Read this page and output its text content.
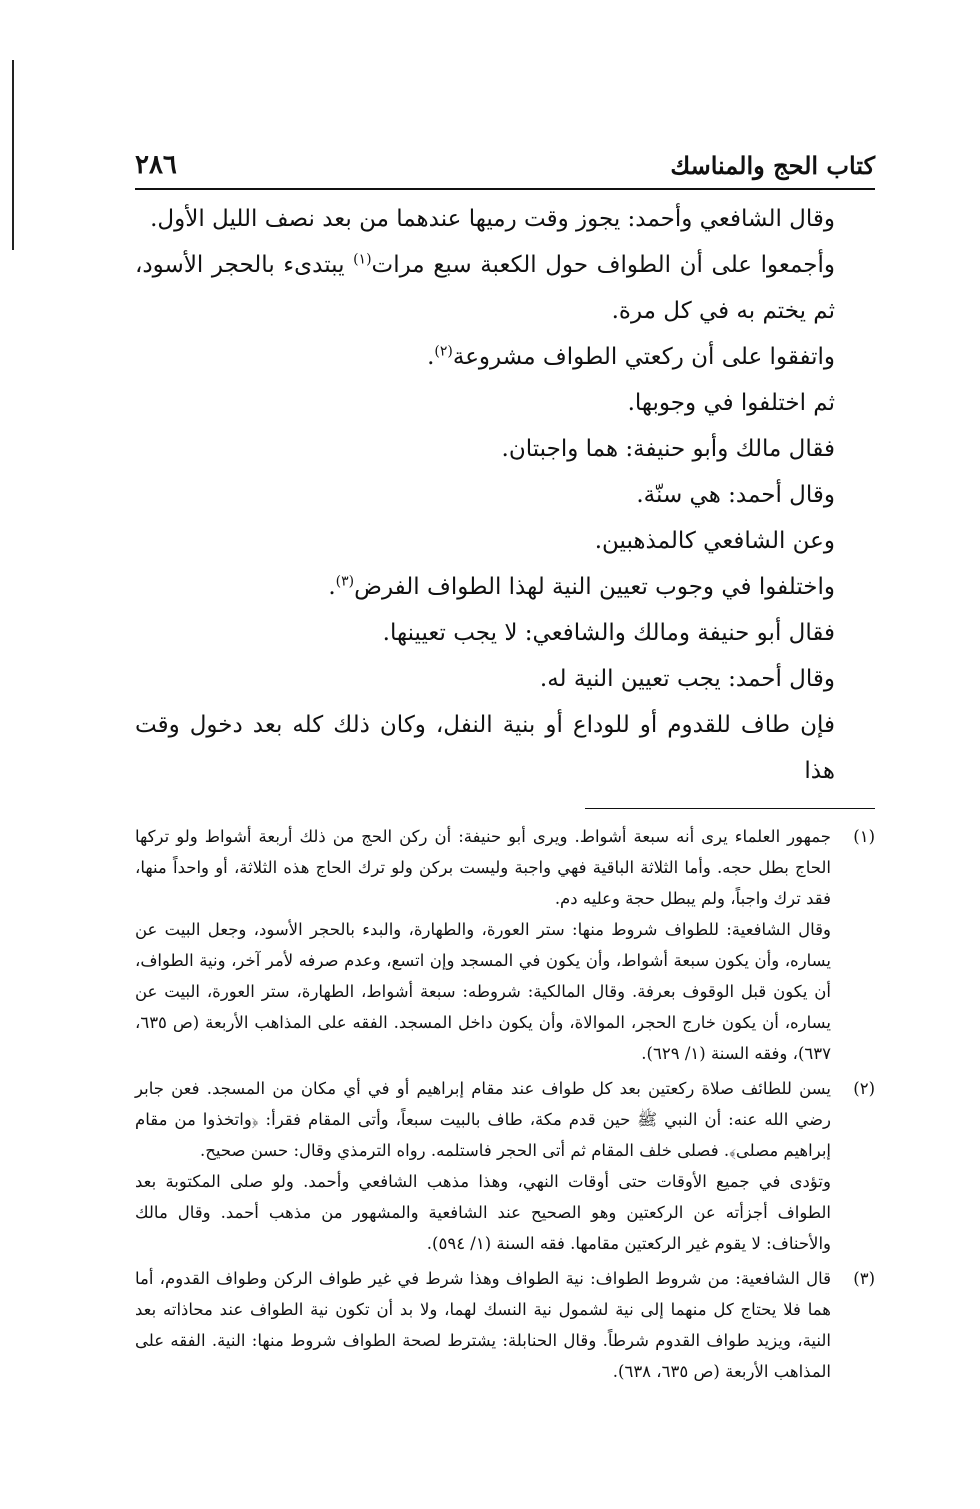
كتاب الحج والمناسك
٢٨٦

وقال الشافعي وأحمد: يجوز وقت رميها عندهما من بعد نصف الليل الأول.

وأجمعوا على أن الطواف حول الكعبة سبع مرات$^{(١)}$ يبتدىء بالحجر الأسود، ثم يختم به في كل مرة.

واتفقوا على أن ركعتي الطواف مشروعة$^{(٢)}$.

ثم اختلفوا في وجوبها.

فقال مالك وأبو حنيفة: هما واجبتان.

وقال أحمد: هي سنّة.

وعن الشافعي كالمذهبين.

واختلفوا في وجوب تعيين النية لهذا الطواف الفرض$^{(٣)}$.

فقال أبو حنيفة ومالك والشافعي: لا يجب تعيينها.

وقال أحمد: يجب تعيين النية له.

فإن طاف للقدوم أو للوداع أو بنية النفل، وكان ذلك كله بعد دخول وقت هذا

(١)

جمهور العلماء يرى أنه سبعة أشواط. ويرى أبو حنيفة: أن ركن الحج من ذلك أربعة أشواط ولو تركها الحاج بطل حجه. وأما الثلاثة الباقية فهي واجبة وليست بركن ولو ترك الحاج هذه الثلاثة، أو واحداً منها، فقد ترك واجباً، ولم يبطل حجة وعليه دم.

وقال الشافعية: للطواف شروط منها: ستر العورة، والطهارة، والبدء بالحجر الأسود، وجعل البيت عن يساره، وأن يكون سبعة أشواط، وأن يكون في المسجد وإن اتسع، وعدم صرفه لأمر آخر، ونية الطواف، أن يكون قبل الوقوف بعرفة. وقال المالكية: شروطه: سبعة أشواط، الطهارة، ستر العورة، البيت عن يساره، أن يكون خارج الحجر، الموالاة، وأن يكون داخل المسجد. الفقه على المذاهب الأربعة (ص ٦٣٥، ٦٣٧)، وفقه السنة (١/ ٦٢٩).

(٢)

يسن للطائف صلاة ركعتين بعد كل طواف عند مقام إبراهيم أو في أي مكان من المسجد. فعن جابر رضي الله عنه: أن النبي ﷺ حين قدم مكة، طاف بالبيت سبعاً، وأتى المقام فقرأ: ﴿واتخذوا من مقام إبراهيم مصلى﴾. فصلى خلف المقام ثم أتى الحجر فاستلمه. رواه الترمذي وقال: حسن صحيح.

وتؤدى في جميع الأوقات حتى أوقات النهي، وهذا مذهب الشافعي وأحمد. ولو صلى المكتوبة بعد الطواف أجزأته عن الركعتين وهو الصحيح عند الشافعية والمشهور من مذهب أحمد. وقال مالك والأحناف: لا يقوم غير الركعتين مقامها. فقه السنة (١/ ٥٩٤).

(٣)

قال الشافعية: من شروط الطواف: نية الطواف وهذا شرط في غير طواف الركن وطواف القدوم، أما هما فلا يحتاج كل منهما إلى نية لشمول نية النسك لهما، ولا بد أن تكون نية الطواف عند محاذاته بعد النية، ويزيد طواف القدوم شرطاً. وقال الحنابلة: يشترط لصحة الطواف شروط منها: النية. الفقه على المذاهب الأربعة (ص ٦٣٥، ٦٣٨).
